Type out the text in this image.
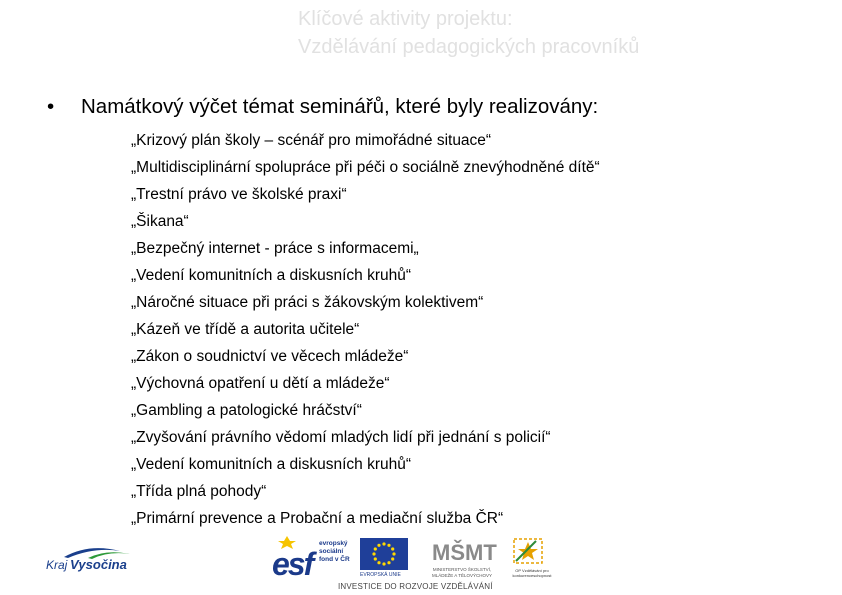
Klíčové aktivity projektu:
Vzdělávání pedagogických pracovníků
• Namátkový výčet témat seminářů, které byly realizovány:
„Krizový plán školy – scénář pro mimořádné situace“
„Multidisciplinární spolupráce při péči o sociálně znevýhodněné dítě“
„Trestní právo ve školské praxi“
„Šikana“
„Bezpečný internet - práce s informacemi„
„Vedení komunitních a diskusních kruhů“
„Náročné situace při práci s žákovským kolektivem“
„Kázeň ve třídě a autorita učitele“
„Zákon o soudnictví ve věcech mládeže“
„Výchovná opatření u dětí a mládeže“
„Gambling a patologické hráčství“
„Zvyšování právního vědomí mladých lidí při jednání s policií“
„Vedení komunitních a diskusních kruhů“
„Třída plná pohody“
„Primární prevence a Probační a mediační služba ČR“
Kraj Vysočina	esf
evropský
sociální
fond v ČR
EVROPSKÁ UNIE
MŠMT
MINISTERSTVO ŠKOLSTVÍ, MLÁDEŽE A TĚLOVÝCHOVY
OP Vzdělávání pro konkurenceschopnost
INVESTICE DO ROZVOJE VZDĚLÁVÁNÍ
